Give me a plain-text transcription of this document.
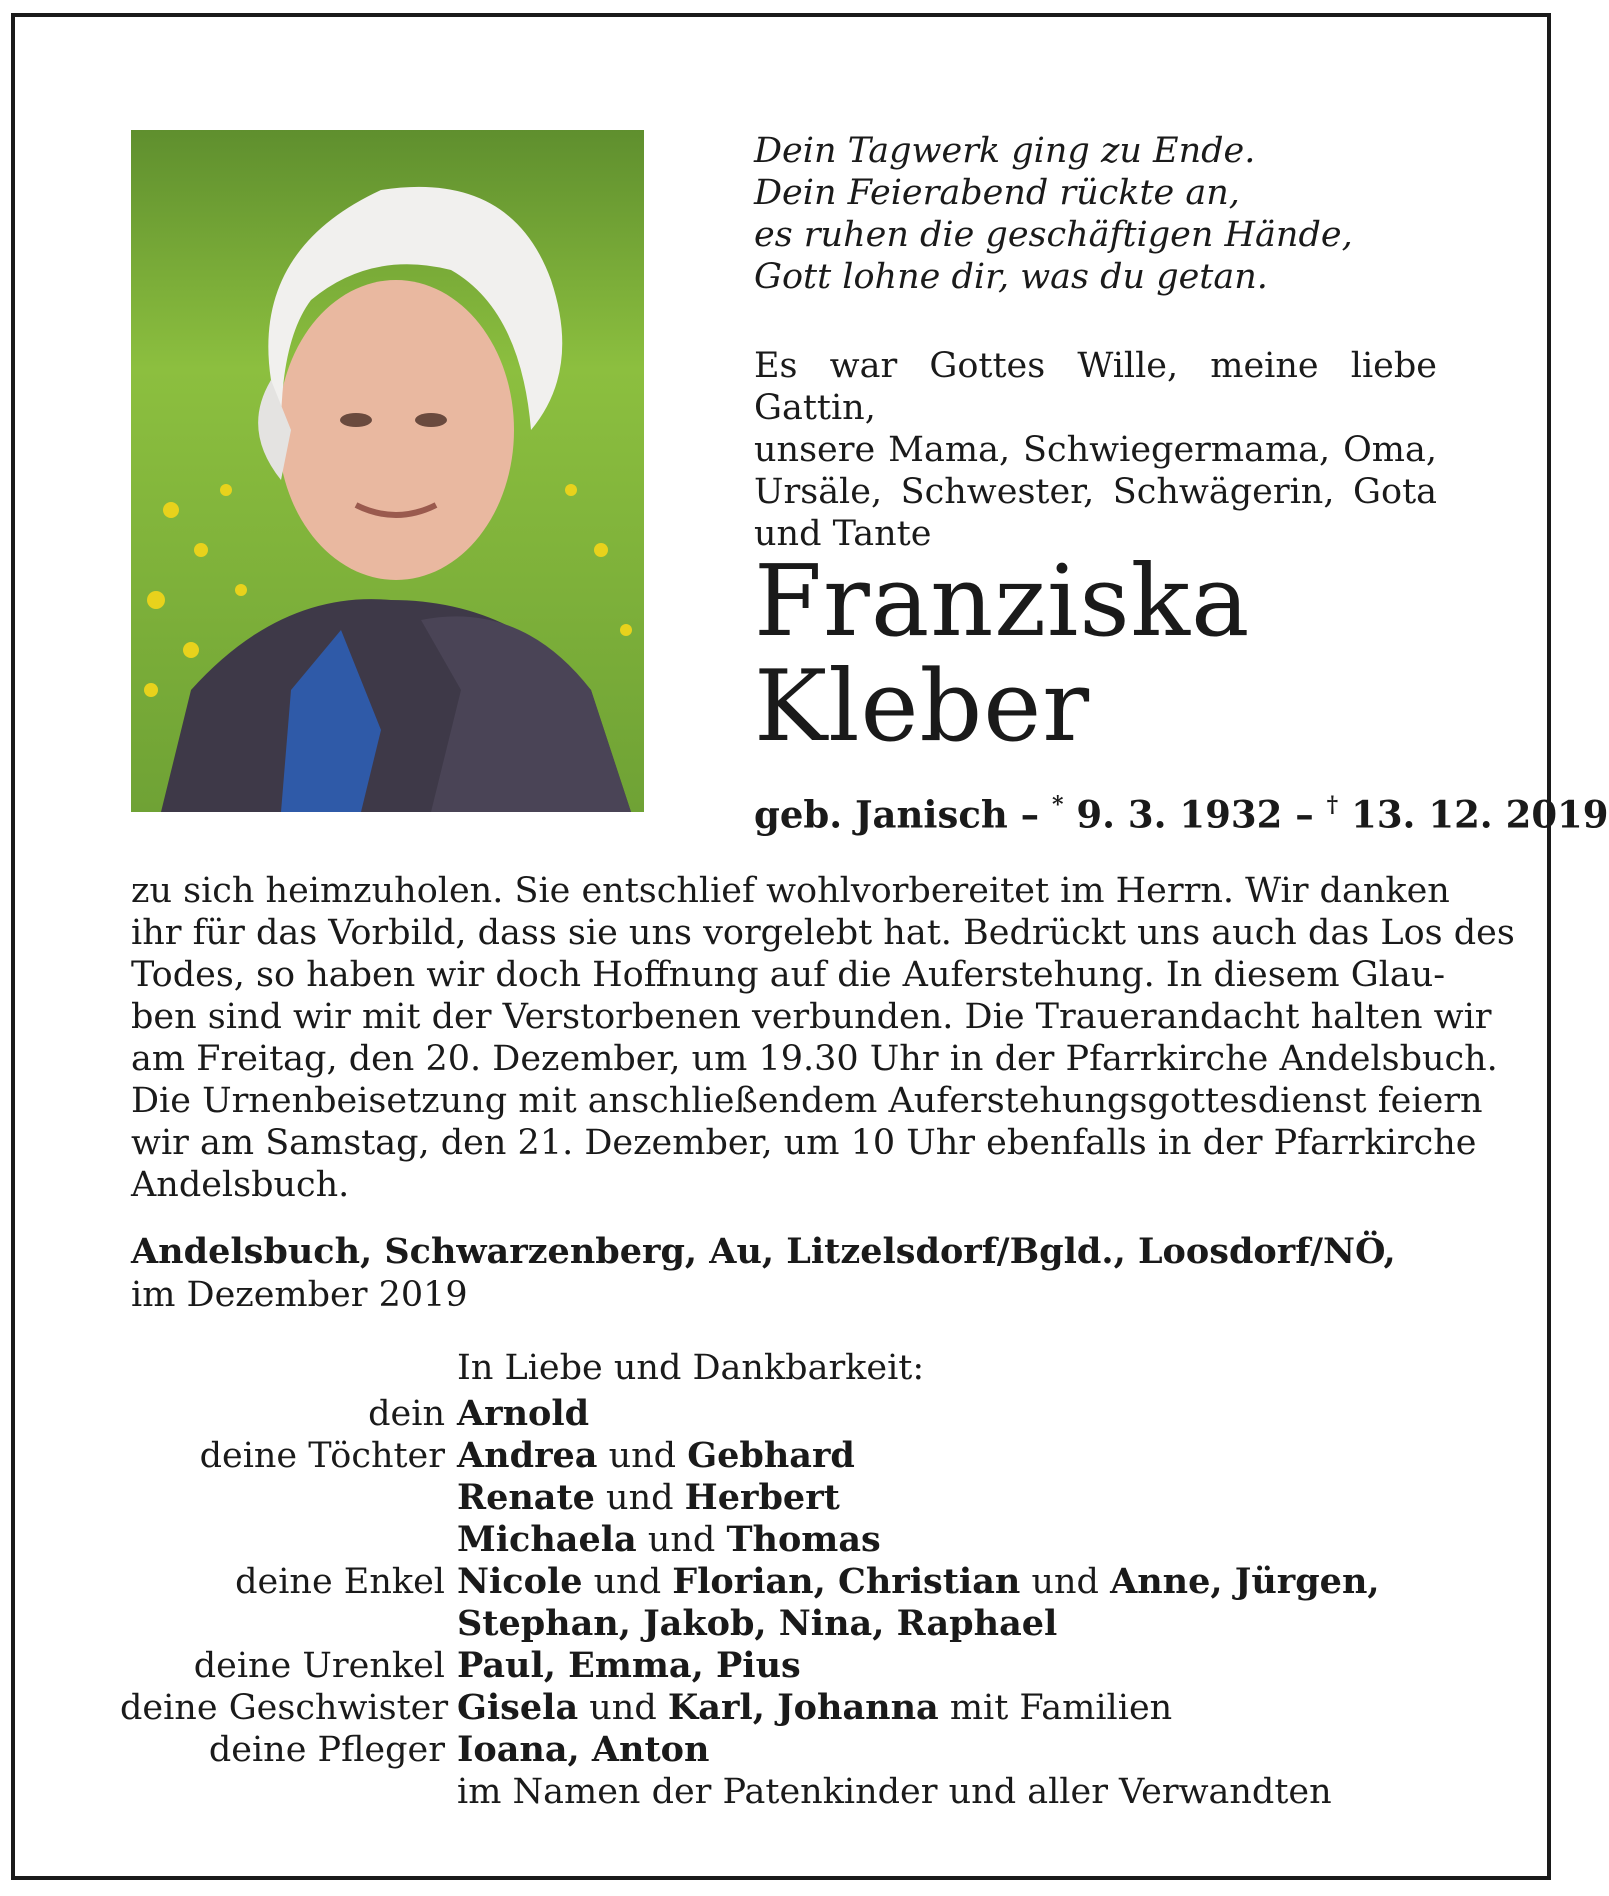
Dein Tagwerk ging zu Ende.
Dein Feierabend rückte an,
es ruhen die geschäftigen Hände,
Gott lohne dir, was du getan.
Es war Gottes Wille, meine liebe Gattin,
unsere Mama, Schwiegermama, Oma,
Ursäle, Schwester, Schwägerin, Gota
und Tante
Franziska
Kleber
geb. Janisch – * 9. 3. 1932 – † 13. 12. 2019
zu sich heimzuholen. Sie entschlief wohlvorbereitet im Herrn. Wir danken
ihr für das Vorbild, dass sie uns vorgelebt hat. Bedrückt uns auch das Los des
Todes, so haben wir doch Hoffnung auf die Auferstehung. In diesem Glau-
ben sind wir mit der Verstorbenen verbunden. Die Trauerandacht halten wir
am Freitag, den 20. Dezember, um 19.30 Uhr in der Pfarrkirche Andelsbuch.
Die Urnenbeisetzung mit anschließendem Auferstehungsgottesdienst feiern
wir am Samstag, den 21. Dezember, um 10 Uhr ebenfalls in der Pfarrkirche
Andelsbuch.
Andelsbuch, Schwarzenberg, Au, Litzelsdorf/Bgld., Loosdorf/NÖ,
im Dezember 2019
In Liebe und Dankbarkeit:
dein Arnold
deine Töchter Andrea und Gebhard
Renate und Herbert
Michaela und Thomas
deine Enkel Nicole und Florian, Christian und Anne, Jürgen,
Stephan, Jakob, Nina, Raphael
deine Urenkel Paul, Emma, Pius
deine Geschwister Gisela und Karl, Johanna mit Familien
deine Pfleger Ioana, Anton
im Namen der Patenkinder und aller Verwandten
